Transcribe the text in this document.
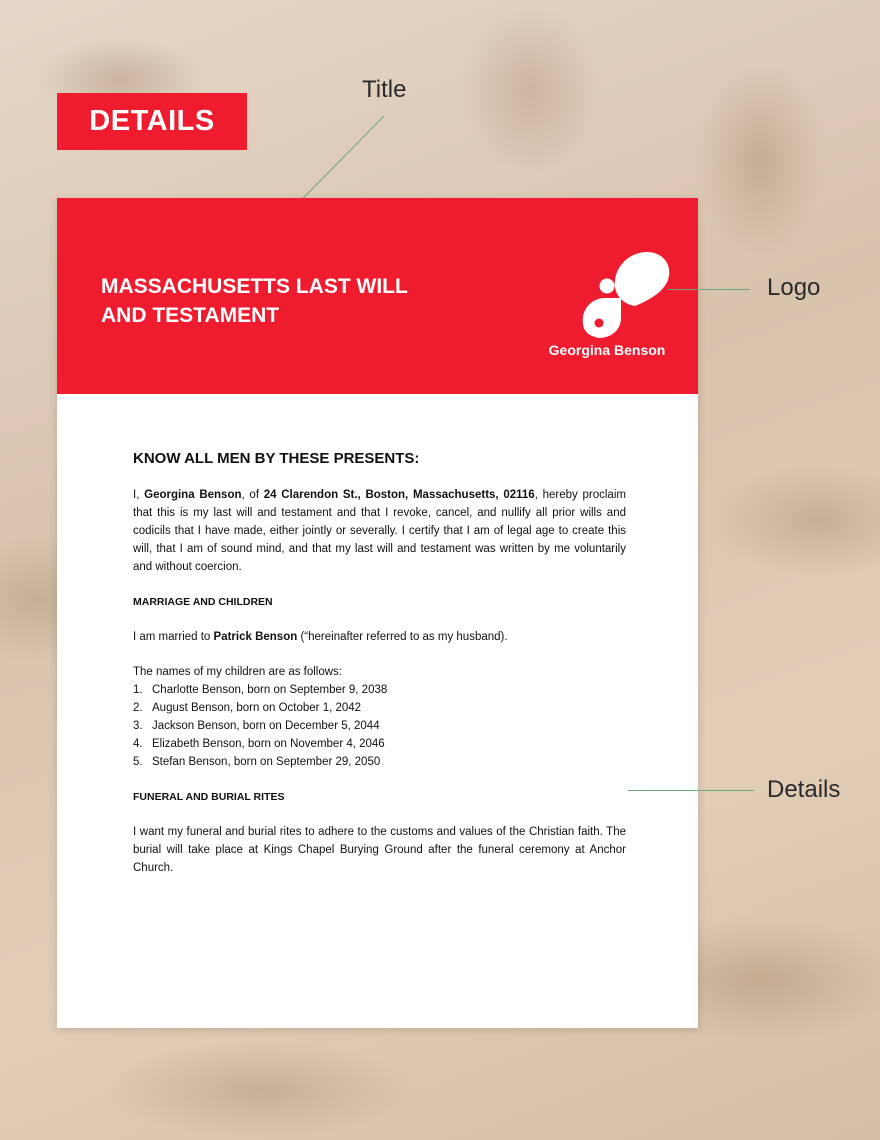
DETAILS
Title
MASSACHUSETTS LAST WILL AND TESTAMENT
Georgina Benson
KNOW ALL MEN BY THESE PRESENTS:

I, Georgina Benson, of 24 Clarendon St., Boston, Massachusetts, 02116, hereby proclaim that this is my last will and testament and that I revoke, cancel, and nullify all prior wills and codicils that I have made, either jointly or severally. I certify that I am of legal age to create this will, that I am of sound mind, and that my last will and testament was written by me voluntarily and without coercion.

MARRIAGE AND CHILDREN

I am married to Patrick Benson (“hereinafter referred to as my husband).

The names of my children are as follows:
1. Charlotte Benson, born on September 9, 2038
2. August Benson, born on October 1, 2042
3. Jackson Benson, born on December 5, 2044
4. Elizabeth Benson, born on November 4, 2046
5. Stefan Benson, born on September 29, 2050
FUNERAL AND BURIAL RITES

I want my funeral and burial rites to adhere to the customs and values of the Christian faith. The burial will take place at Kings Chapel Burying Ground after the funeral ceremony at Anchor Church.

Logo
Details
